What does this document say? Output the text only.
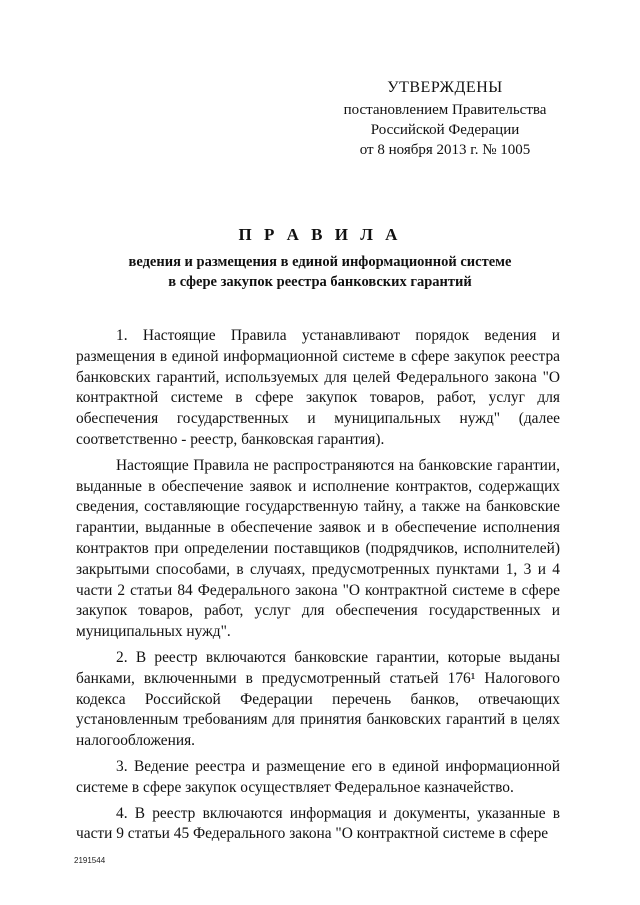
УТВЕРЖДЕНЫ
постановлением Правительства
Российской Федерации
от 8 ноября 2013 г. № 1005
П Р А В И Л А
ведения и размещения в единой информационной системе
в сфере закупок реестра банковских гарантий

1. Настоящие Правила устанавливают порядок ведения и размещения в единой информационной системе в сфере закупок реестра банковских гарантий, используемых для целей Федерального закона "О контрактной системе в сфере закупок товаров, работ, услуг для обеспечения государственных и муниципальных нужд" (далее соответственно - реестр, банковская гарантия).

Настоящие Правила не распространяются на банковские гарантии, выданные в обеспечение заявок и исполнение контрактов, содержащих сведения, составляющие государственную тайну, а также на банковские гарантии, выданные в обеспечение заявок и в обеспечение исполнения контрактов при определении поставщиков (подрядчиков, исполнителей) закрытыми способами, в случаях, предусмотренных пунктами 1, 3 и 4 части 2 статьи 84 Федерального закона "О контрактной системе в сфере закупок товаров, работ, услуг для обеспечения государственных и муниципальных нужд".

2. В реестр включаются банковские гарантии, которые выданы банками, включенными в предусмотренный статьей 176¹ Налогового кодекса Российской Федерации перечень банков, отвечающих установленным требованиям для принятия банковских гарантий в целях налогообложения.

3. Ведение реестра и размещение его в единой информационной системе в сфере закупок осуществляет Федеральное казначейство.

4. В реестр включаются информация и документы, указанные в части 9 статьи 45 Федерального закона "О контрактной системе в сфере

2191544
